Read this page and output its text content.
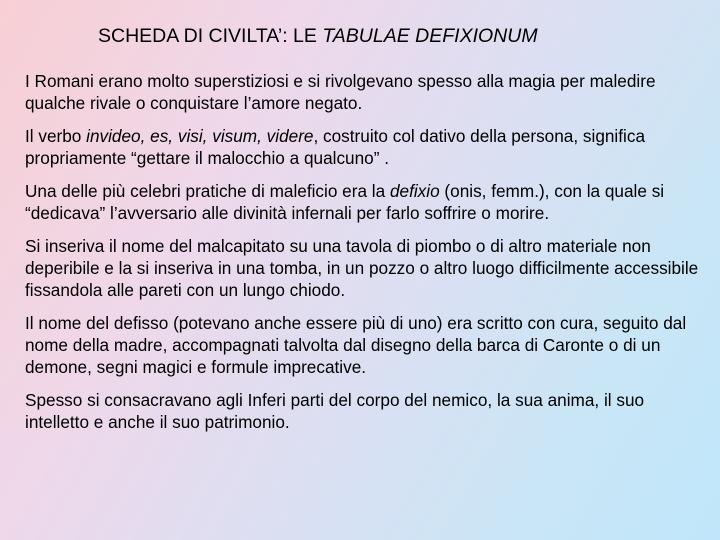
SCHEDA DI CIVILTA’: LE TABULAE DEFIXIONUM

I Romani erano molto superstiziosi e si rivolgevano spesso alla magia per maledire qualche rivale o conquistare l’amore negato.

Il verbo invideo, es, visi, visum, videre, costruito col dativo della persona, significa propriamente “gettare il malocchio a qualcuno” .

Una delle più celebri pratiche di maleficio era la defixio (onis, femm.), con la quale si “dedicava” l’avversario alle divinità infernali per farlo soffrire o morire.

Si inseriva il nome del malcapitato su una tavola di piombo o di altro materiale non deperibile e la si inseriva in una tomba, in un pozzo o altro luogo difficilmente accessibile fissandola alle pareti con un lungo chiodo.

Il nome del defisso (potevano anche essere più di uno) era scritto con cura, seguito dal nome della madre, accompagnati talvolta dal disegno della barca di Caronte o di un demone, segni magici e formule imprecative.

Spesso si consacravano agli Inferi parti del corpo del nemico, la sua anima, il suo intelletto e anche il suo patrimonio.
